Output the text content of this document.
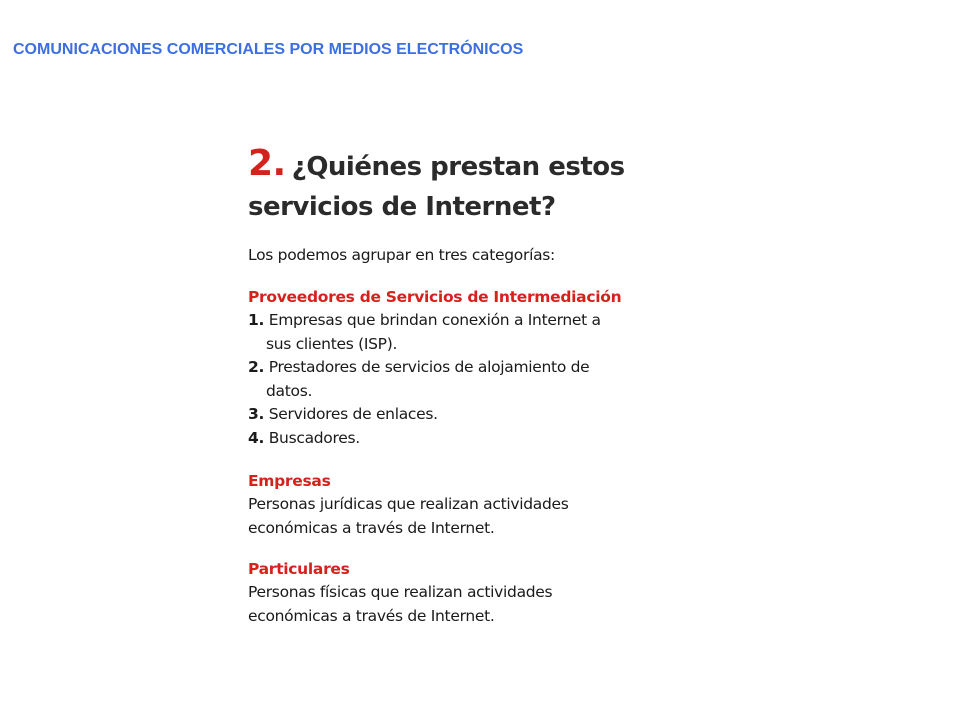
COMUNICACIONES COMERCIALES POR MEDIOS ELECTRÓNICOS
2. ¿Quiénes prestan estos servicios de Internet?
Los podemos agrupar en tres categorías:
Proveedores de Servicios de Intermediación
1. Empresas que brindan conexión a Internet a sus clientes (ISP).
2. Prestadores de servicios de alojamiento de datos.
3. Servidores de enlaces.
4. Buscadores.
Empresas
Personas jurídicas que realizan actividades económicas a través de Internet.
Particulares
Personas físicas que realizan actividades económicas a través de Internet.
